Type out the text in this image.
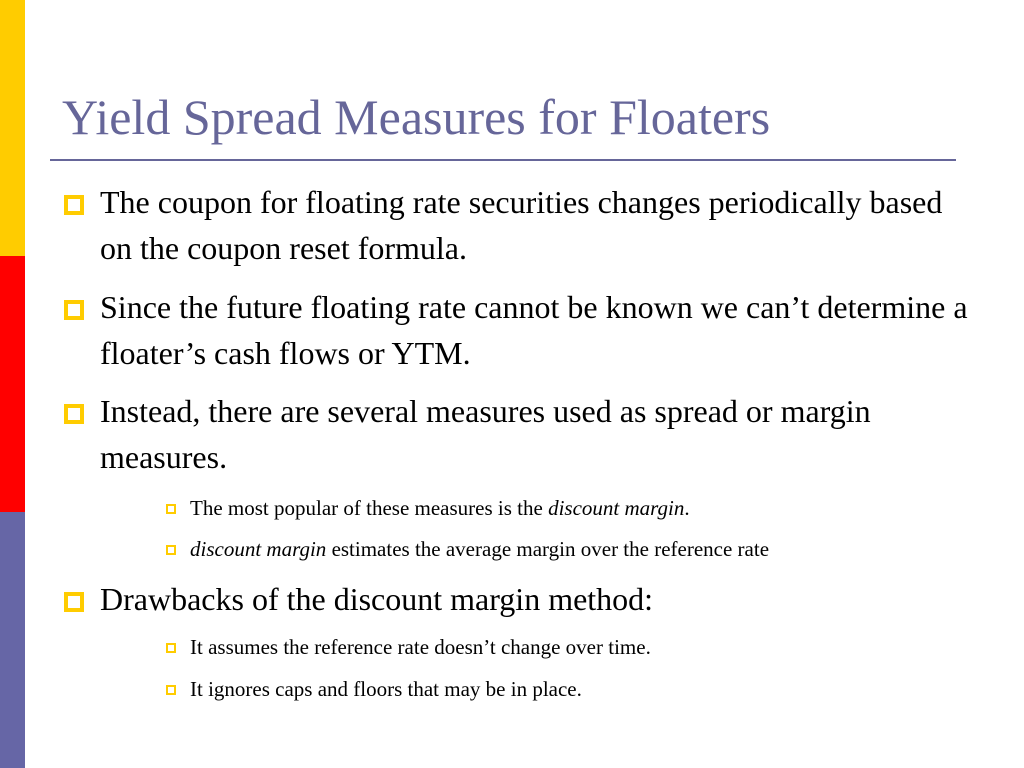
Yield Spread Measures for Floaters
The coupon for floating rate securities changes periodically based on the coupon reset formula.
Since the future floating rate cannot be known we can’t determine a floater’s cash flows or YTM.
Instead, there are several measures used as spread or margin measures.
The most popular of these measures is the discount margin.
discount margin estimates the average margin over the reference rate
Drawbacks of the discount margin method:
It assumes the reference rate doesn’t change over time.
It ignores caps and floors that may be in place.
